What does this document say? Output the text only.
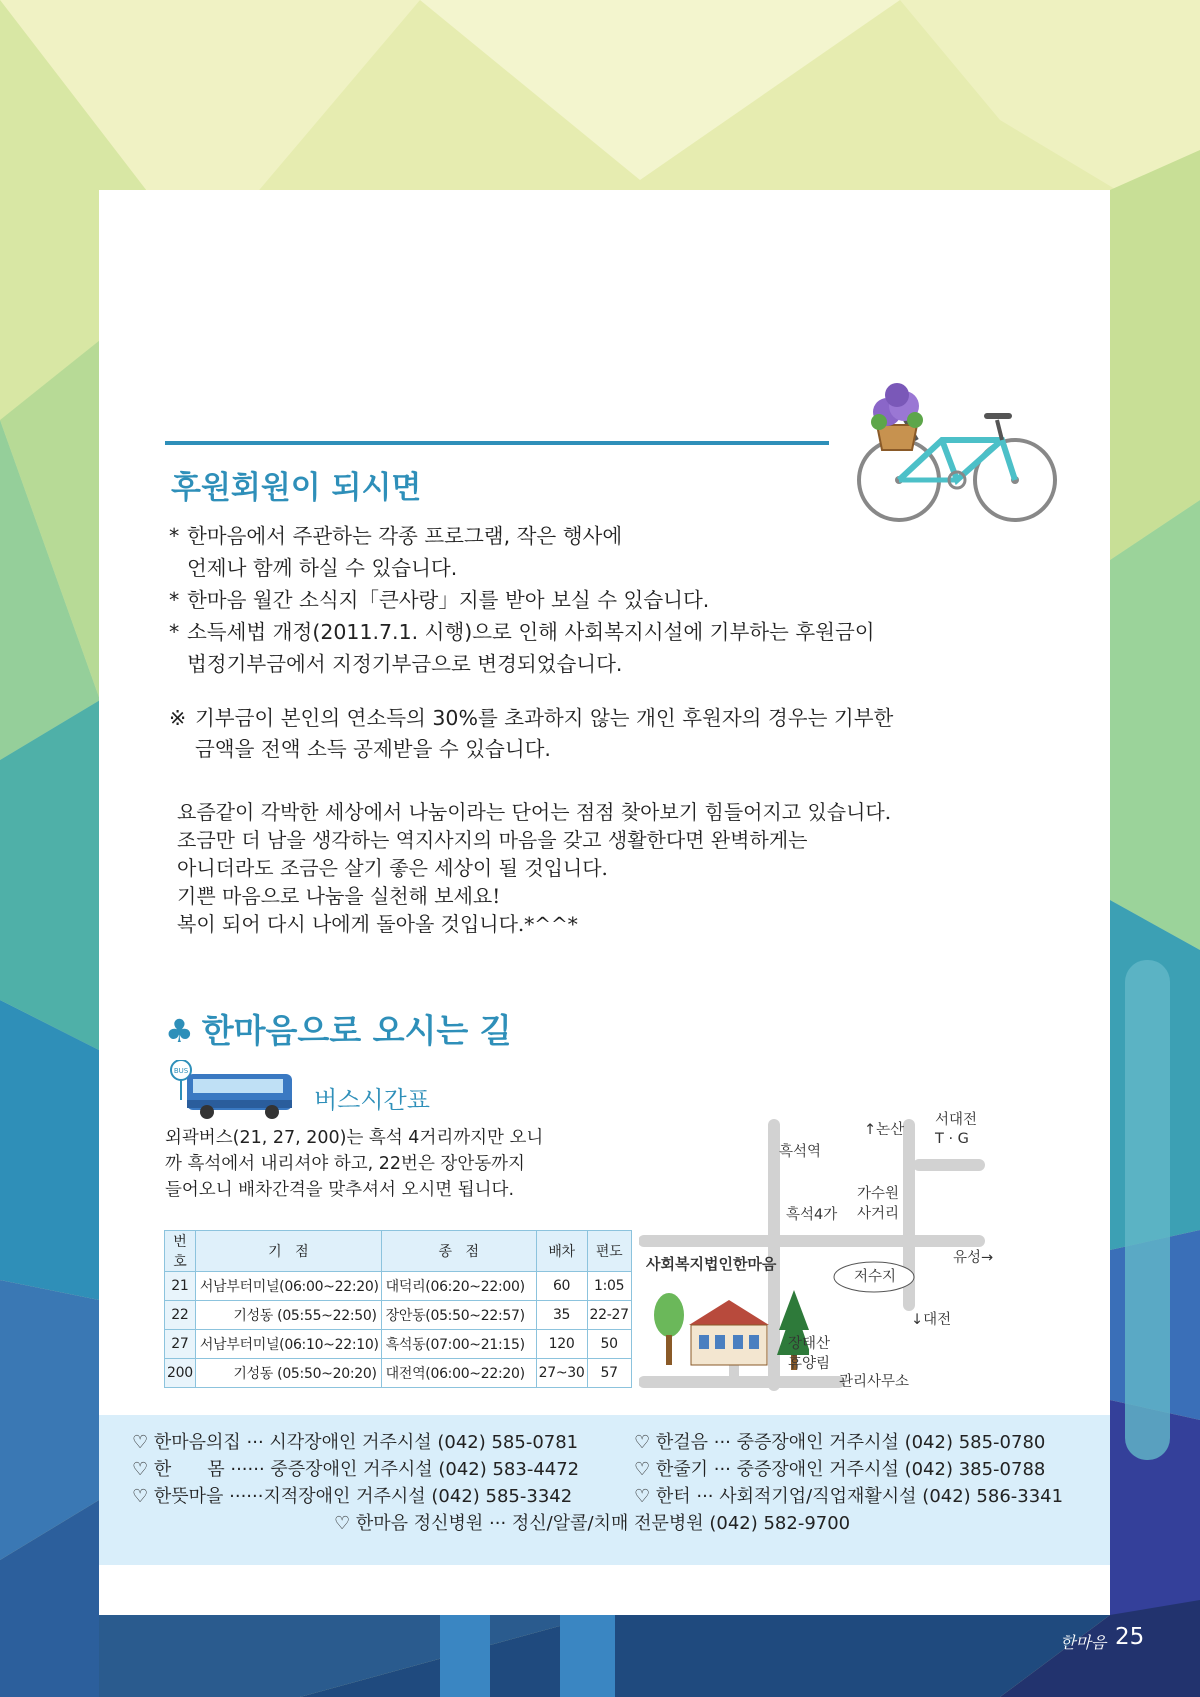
후원회원이 되시면
* 한마음에서 주관하는 각종 프로그램, 작은 행사에
언제나 함께 하실 수 있습니다.
* 한마음 월간 소식지「큰사랑」지를 받아 보실 수 있습니다.
* 소득세법 개정(2011.7.1. 시행)으로 인해 사회복지시설에 기부하는 후원금이
법정기부금에서 지정기부금으로 변경되었습니다.
※ 기부금이 본인의 연소득의 30%를 초과하지 않는 개인 후원자의 경우는 기부한
금액을 전액 소득 공제받을 수 있습니다.
요즘같이 각박한 세상에서 나눔이라는 단어는 점점 찾아보기 힘들어지고 있습니다.
조금만 더 남을 생각하는 역지사지의 마음을 갖고 생활한다면 완벽하게는
아니더라도 조금은 살기 좋은 세상이 될 것입니다.
기쁜 마음으로 나눔을 실천해 보세요!
복이 되어 다시 나에게 돌아올 것입니다.*^^*
♣ 한마음으로 오시는 길
BUS
버스시간표
외곽버스(21, 27, 200)는 흑석 4거리까지만 오니
까 흑석에서 내리셔야 하고, 22번은 장안동까지
들어오니 배차간격을 맞추셔서 오시면 됩니다.
번호	기　점	종　점	배차	편도
21	서남부터미널(06:00~22:20)	대덕리(06:20~22:00)	60	1:05
22	기성동 (05:55~22:50)	장안동(05:50~22:57)	35	22-27
27	서남부터미널(06:10~22:10)	흑석동(07:00~21:15)	120	50
200	기성동 (05:50~20:20)	대전역(06:00~22:20)	27~30	57
흑석역
↑논산
서대전
T · G
가수원
사거리
흑석4가
유성→
저수지
사회복지법인한마음
↓대전
장태산
휴양림
관리사무소
♡ 한마음의집 ··· 시각장애인 거주시설 (042) 585-0781	♡ 한걸음 ··· 중증장애인 거주시설 (042) 585-0780
♡ 한　　몸 ······ 중증장애인 거주시설 (042) 583-4472	♡ 한줄기 ··· 중증장애인 거주시설 (042) 385-0788
♡ 한뜻마을 ······지적장애인 거주시설 (042) 585-3342	♡ 한터 ··· 사회적기업/직업재활시설 (042) 586-3341
♡ 한마음 정신병원 ··· 정신/알콜/치매 전문병원 (042) 582-9700
한마음 25
